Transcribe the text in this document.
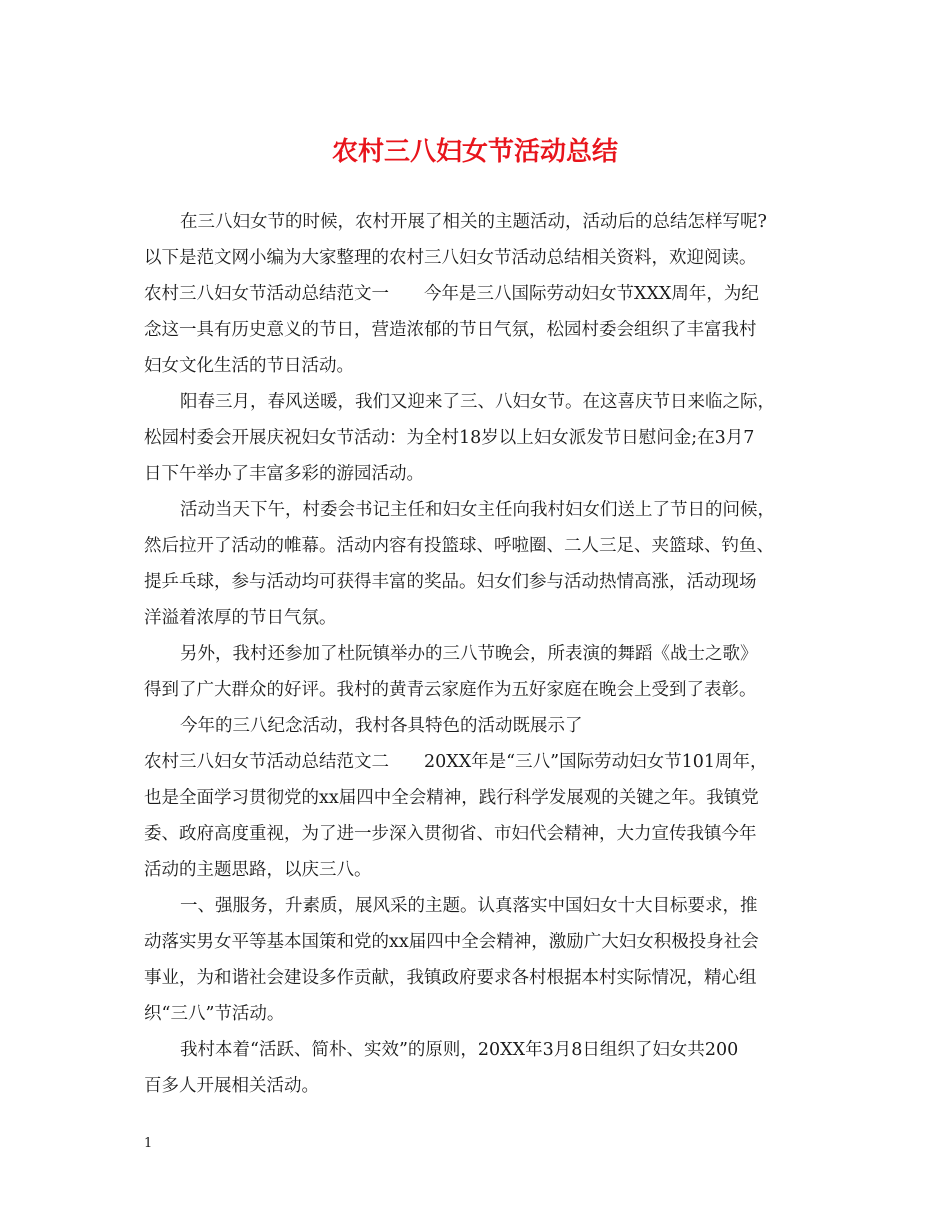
农村三八妇女节活动总结

在三八妇女节的时候，农村开展了相关的主题活动，活动后的总结怎样写呢?

以下是范文网小编为大家整理的农村三八妇女节活动总结相关资料，欢迎阅读。

农村三八妇女节活动总结范文一　　今年是三八国际劳动妇女节XXX周年，为纪

念这一具有历史意义的节日，营造浓郁的节日气氛，松园村委会组织了丰富我村

妇女文化生活的节日活动。

阳春三月，春风送暖，我们又迎来了三、八妇女节。在这喜庆节日来临之际，

松园村委会开展庆祝妇女节活动：为全村18岁以上妇女派发节日慰问金;在3月7

日下午举办了丰富多彩的游园活动。

活动当天下午，村委会书记主任和妇女主任向我村妇女们送上了节日的问候，

然后拉开了活动的帷幕。活动内容有投篮球、呼啦圈、二人三足、夹篮球、钓鱼、

提乒乓球，参与活动均可获得丰富的奖品。妇女们参与活动热情高涨，活动现场

洋溢着浓厚的节日气氛。

另外，我村还参加了杜阮镇举办的三八节晚会，所表演的舞蹈《战士之歌》

得到了广大群众的好评。我村的黄青云家庭作为五好家庭在晚会上受到了表彰。

今年的三八纪念活动，我村各具特色的活动既展示了

农村三八妇女节活动总结范文二　　20XX年是“三八”国际劳动妇女节101周年，

也是全面学习贯彻党的xx届四中全会精神，践行科学发展观的关键之年。我镇党

委、政府高度重视，为了进一步深入贯彻省、市妇代会精神，大力宣传我镇今年

活动的主题思路，以庆三八。

一、强服务，升素质，展风采的主题。认真落实中国妇女十大目标要求，推

动落实男女平等基本国策和党的xx届四中全会精神，激励广大妇女积极投身社会

事业，为和谐社会建设多作贡献，我镇政府要求各村根据本村实际情况，精心组

织“三八”节活动。

我村本着“活跃、简朴、实效”的原则，20XX年3月8日组织了妇女共200

百多人开展相关活动。

1
